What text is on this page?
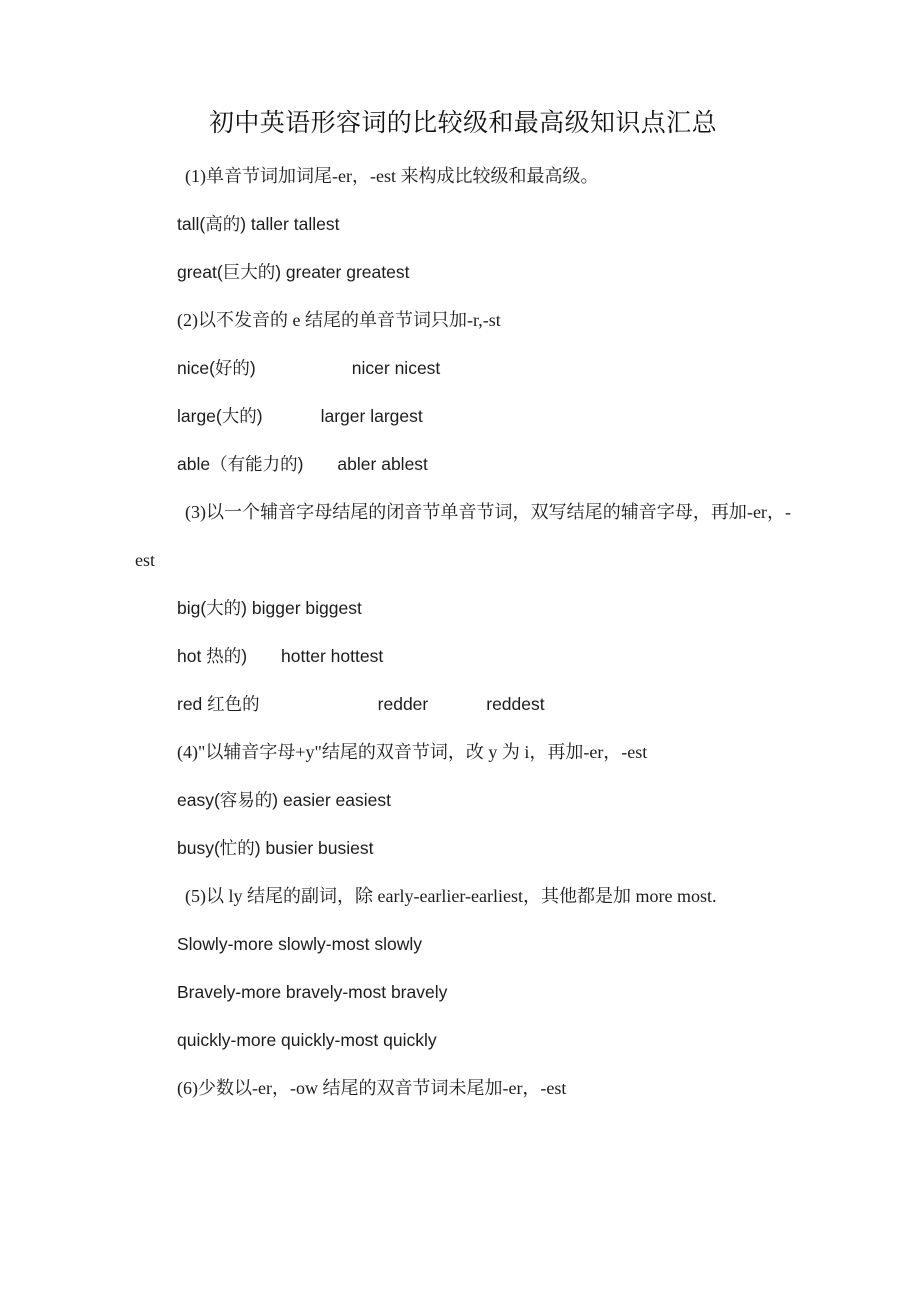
初中英语形容词的比较级和最高级知识点汇总

(1)单音节词加词尾-er，-est 来构成比较级和最高级。

tall(高的) taller tallest

great(巨大的) greater greatest

(2)以不发音的 e 结尾的单音节词只加-r,-st

nice(好的)	nicer nicest

large(大的)	larger largest

able（有能力的) abler ablest

(3)以一个辅音字母结尾的闭音节单音节词，双写结尾的辅音字母，再加-er，-est

big(大的) bigger biggest

hot 热的) hotter hottest

red 红色的	redder	reddest

(4)"以辅音字母+y"结尾的双音节词，改 y 为 i，再加-er，-est

easy(容易的) easier easiest

busy(忙的) busier busiest

(5)以 ly 结尾的副词，除 early-earlier-earliest，其他都是加 more most.

Slowly-more slowly-most slowly

Bravely-more bravely-most bravely

quickly-more quickly-most quickly

(6)少数以-er，-ow 结尾的双音节词未尾加-er，-est
